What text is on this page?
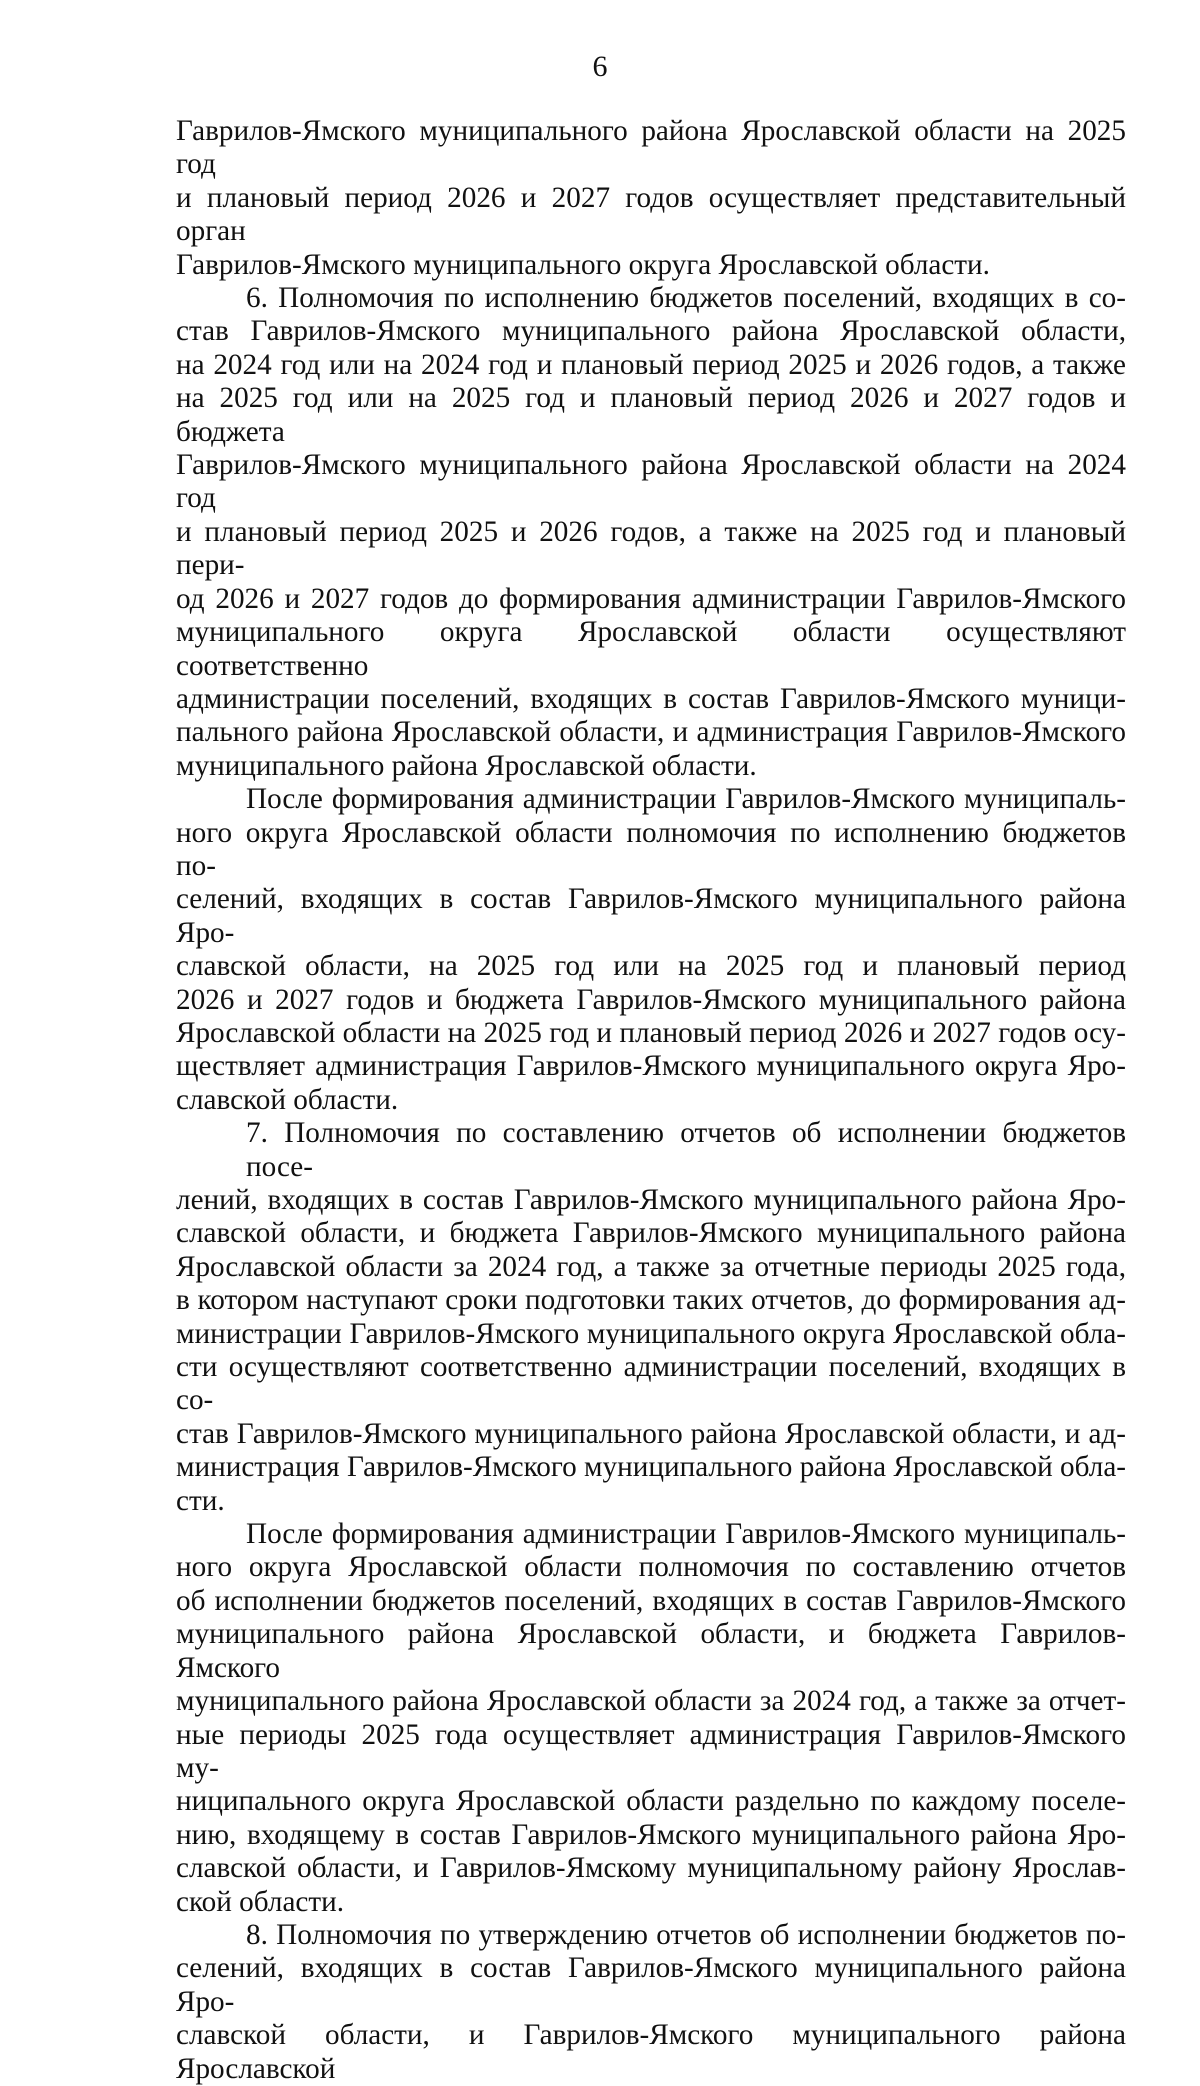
6

Гаврилов-Ямского муниципального района Ярославской области на 2025 год
и плановый период 2026 и 2027 годов осуществляет представительный орган
Гаврилов-Ямского муниципального округа Ярославской области.

6. Полномочия по исполнению бюджетов поселений, входящих в со-
став Гаврилов-Ямского муниципального района Ярославской области,
на 2024 год или на 2024 год и плановый период 2025 и 2026 годов, а также
на 2025 год или на 2025 год и плановый период 2026 и 2027 годов и бюджета
Гаврилов-Ямского муниципального района Ярославской области на 2024 год
и плановый период 2025 и 2026 годов, а также на 2025 год и плановый пери-
од 2026 и 2027 годов до формирования администрации Гаврилов-Ямского
муниципального округа Ярославской области осуществляют соответственно
администрации поселений, входящих в состав Гаврилов-Ямского муници-
пального района Ярославской области, и администрация Гаврилов-Ямского
муниципального района Ярославской области.

После формирования администрации Гаврилов-Ямского муниципаль-
ного округа Ярославской области полномочия по исполнению бюджетов по-
селений, входящих в состав Гаврилов-Ямского муниципального района Яро-
славской области, на 2025 год или на 2025 год и плановый период
2026 и 2027 годов и бюджета Гаврилов-Ямского муниципального района
Ярославской области на 2025 год и плановый период 2026 и 2027 годов осу-
ществляет администрация Гаврилов-Ямского муниципального округа Яро-
славской области.

7. Полномочия по составлению отчетов об исполнении бюджетов посе-
лений, входящих в состав Гаврилов-Ямского муниципального района Яро-
славской области, и бюджета Гаврилов-Ямского муниципального района
Ярославской области за 2024 год, а также за отчетные периоды 2025 года,
в котором наступают сроки подготовки таких отчетов, до формирования ад-
министрации Гаврилов-Ямского муниципального округа Ярославской обла-
сти осуществляют соответственно администрации поселений, входящих в со-
став Гаврилов-Ямского муниципального района Ярославской области, и ад-
министрация Гаврилов-Ямского муниципального района Ярославской обла-
сти.

После формирования администрации Гаврилов-Ямского муниципаль-
ного округа Ярославской области полномочия по составлению отчетов
об исполнении бюджетов поселений, входящих в состав Гаврилов-Ямского
муниципального района Ярославской области, и бюджета Гаврилов-Ямского
муниципального района Ярославской области за 2024 год, а также за отчет-
ные периоды 2025 года осуществляет администрация Гаврилов-Ямского му-
ниципального округа Ярославской области раздельно по каждому поселе-
нию, входящему в состав Гаврилов-Ямского муниципального района Яро-
славской области, и Гаврилов-Ямскому муниципальному району Ярослав-
ской области.

8. Полномочия по утверждению отчетов об исполнении бюджетов по-
селений, входящих в состав Гаврилов-Ямского муниципального района Яро-
славской области, и Гаврилов-Ямского муниципального района Ярославской
